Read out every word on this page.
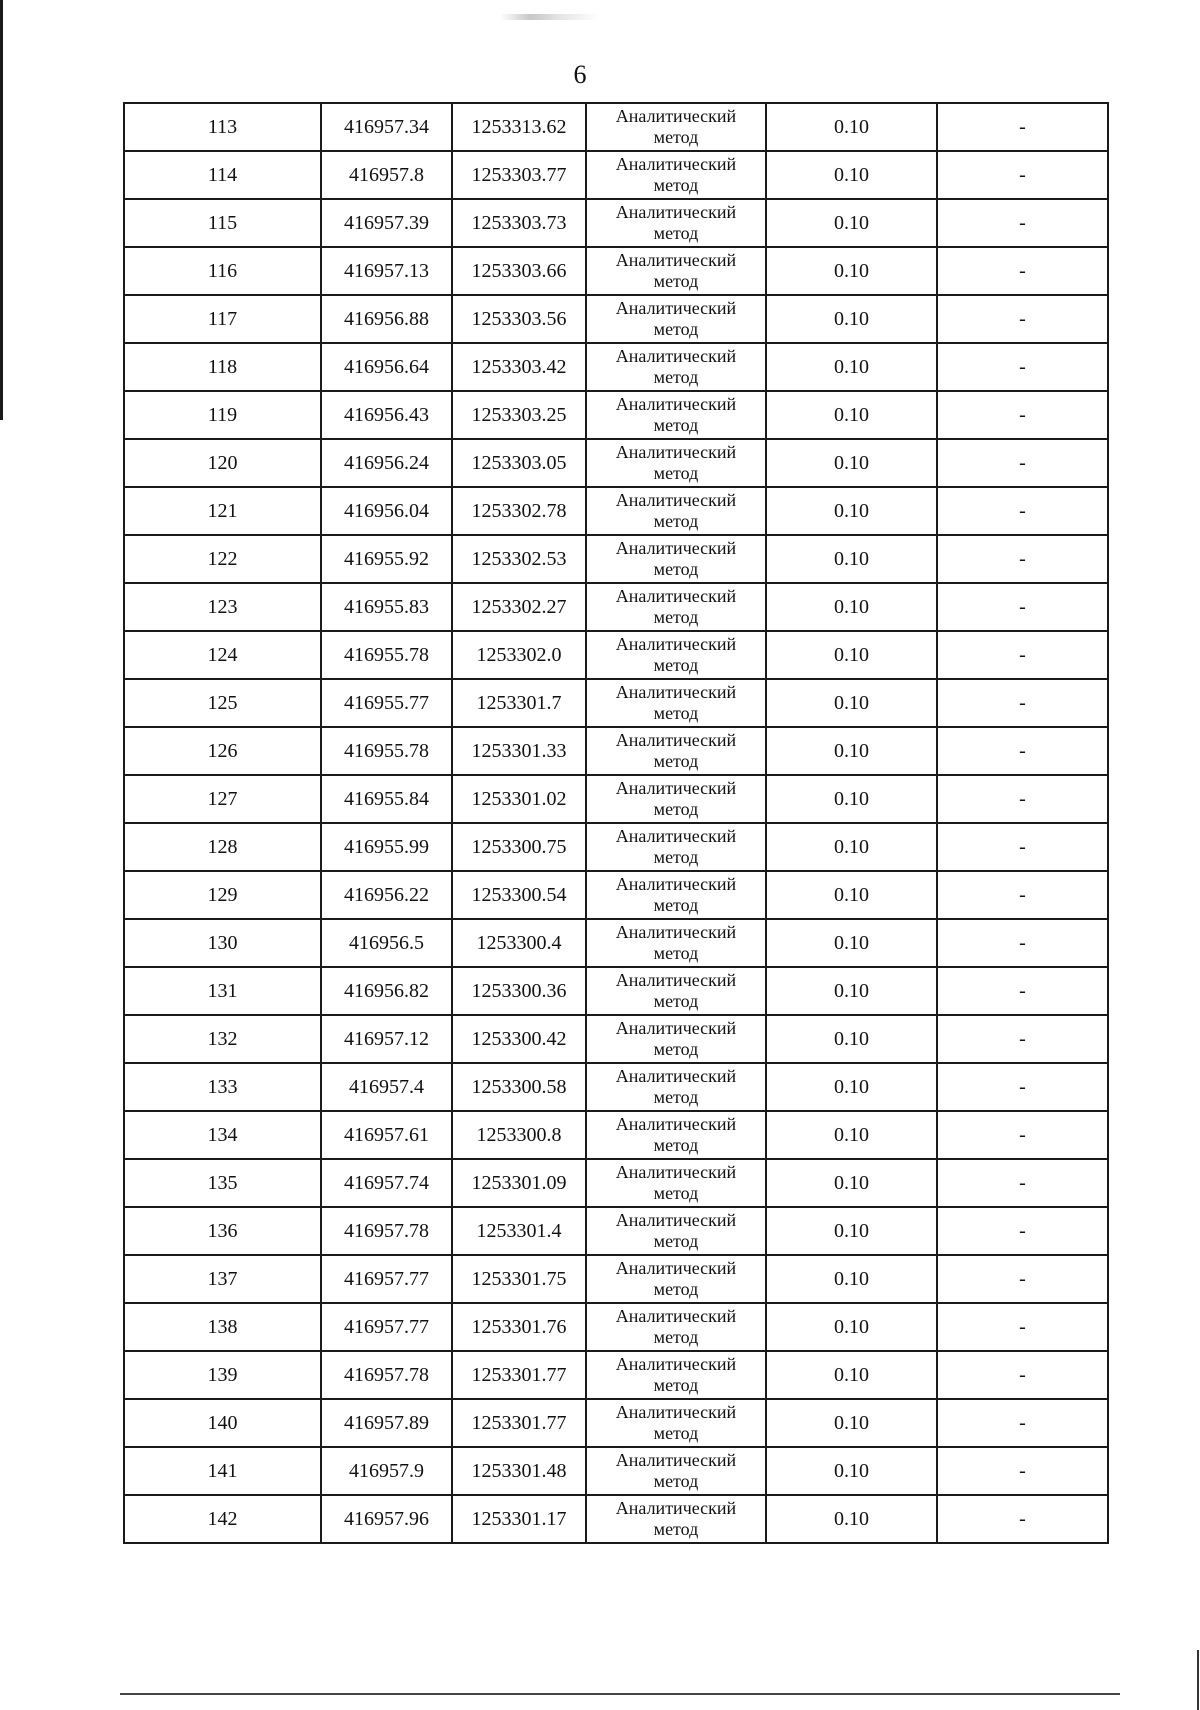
6
113	416957.34	1253313.62	Аналитический
метод	0.10	-
114	416957.8	1253303.77	Аналитический
метод	0.10	-
115	416957.39	1253303.73	Аналитический
метод	0.10	-
116	416957.13	1253303.66	Аналитический
метод	0.10	-
117	416956.88	1253303.56	Аналитический
метод	0.10	-
118	416956.64	1253303.42	Аналитический
метод	0.10	-
119	416956.43	1253303.25	Аналитический
метод	0.10	-
120	416956.24	1253303.05	Аналитический
метод	0.10	-
121	416956.04	1253302.78	Аналитический
метод	0.10	-
122	416955.92	1253302.53	Аналитический
метод	0.10	-
123	416955.83	1253302.27	Аналитический
метод	0.10	-
124	416955.78	1253302.0	Аналитический
метод	0.10	-
125	416955.77	1253301.7	Аналитический
метод	0.10	-
126	416955.78	1253301.33	Аналитический
метод	0.10	-
127	416955.84	1253301.02	Аналитический
метод	0.10	-
128	416955.99	1253300.75	Аналитический
метод	0.10	-
129	416956.22	1253300.54	Аналитический
метод	0.10	-
130	416956.5	1253300.4	Аналитический
метод	0.10	-
131	416956.82	1253300.36	Аналитический
метод	0.10	-
132	416957.12	1253300.42	Аналитический
метод	0.10	-
133	416957.4	1253300.58	Аналитический
метод	0.10	-
134	416957.61	1253300.8	Аналитический
метод	0.10	-
135	416957.74	1253301.09	Аналитический
метод	0.10	-
136	416957.78	1253301.4	Аналитический
метод	0.10	-
137	416957.77	1253301.75	Аналитический
метод	0.10	-
138	416957.77	1253301.76	Аналитический
метод	0.10	-
139	416957.78	1253301.77	Аналитический
метод	0.10	-
140	416957.89	1253301.77	Аналитический
метод	0.10	-
141	416957.9	1253301.48	Аналитический
метод	0.10	-
142	416957.96	1253301.17	Аналитический
метод	0.10	-
